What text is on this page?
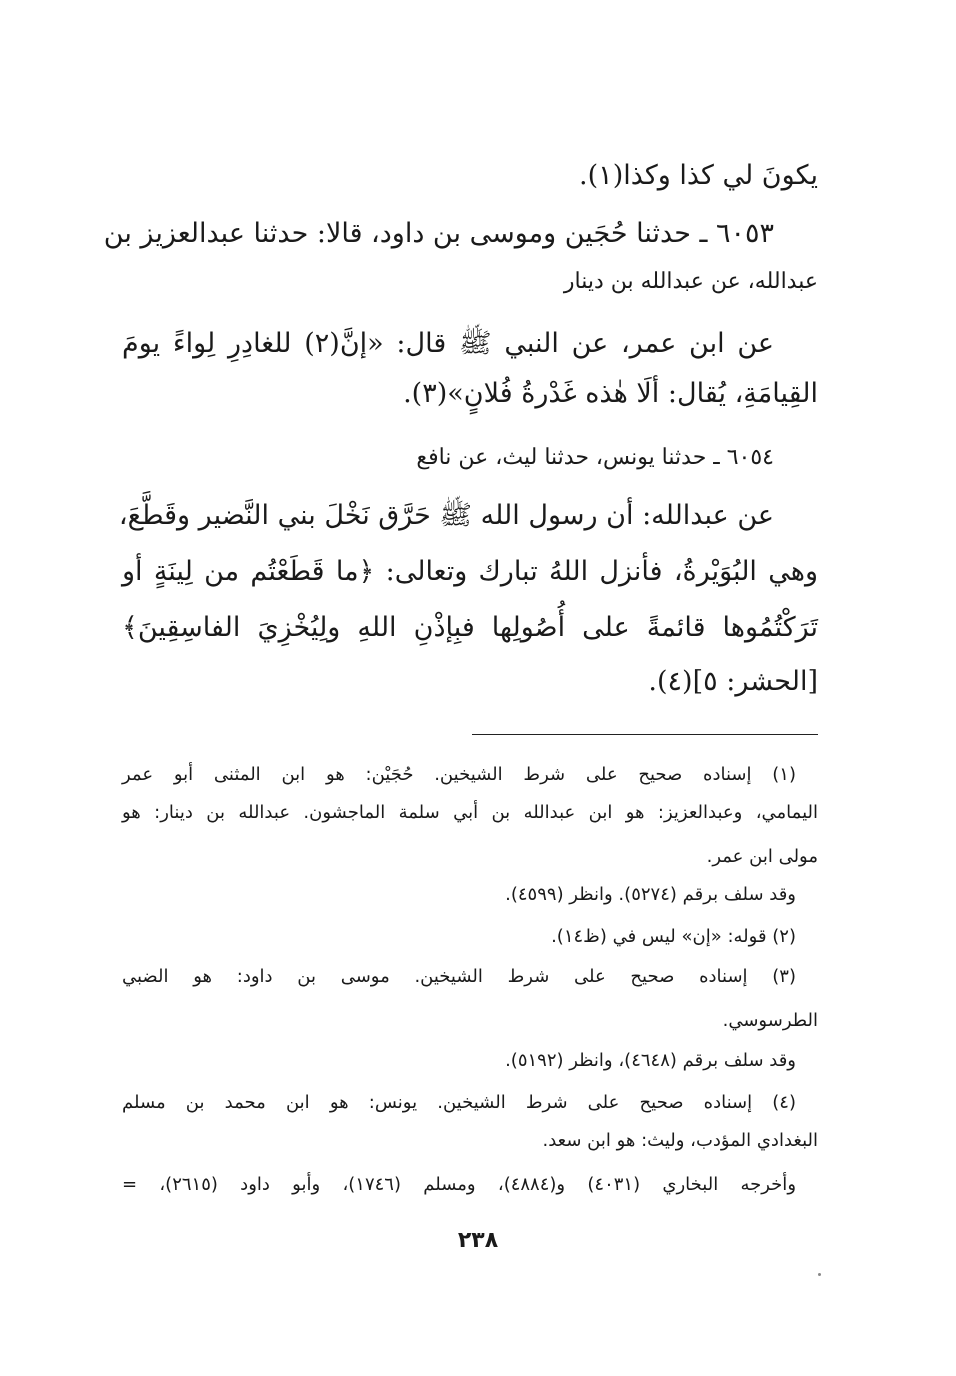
يكونَ لي كذا وكذا(١).
٦٠٥٣ ـ حدثنا حُجَين وموسى بن داود، قالا: حدثنا عبدالعزيز بن
عبدالله، عن عبدالله بن دينار
عن ابن عمر، عن النبي ﷺ قال: «إنَّ(٢) للغادِرِ لِواءً يومَ
القِيامَةِ، يُقال: ألَا هٰذه غَدْرةُ فُلانٍ»(٣).
٦٠٥٤ ـ حدثنا يونس، حدثنا ليث، عن نافع
عن عبدالله: أن رسول الله ﷺ حَرَّق نَخْلَ بني النَّضير وقَطَّعَ،
وهي البُوَيْرةُ، فأنزل اللهُ تبارك وتعالى: ﴿ما قَطَعْتُم من لِينَةٍ أو
تَرَكْتُمُوها قائمةً على أُصُولِها فبِإذْنِ اللهِ ولِيُخْزِيَ الفاسِقِينَ﴾
[الحشر: ٥](٤).
(١) إسناده صحيح على شرط الشيخين. حُجَيْن: هو ابن المثنى أبو عمر
اليمامي، وعبدالعزيز: هو ابن عبدالله بن أبي سلمة الماجشون. عبدالله بن دينار: هو
مولى ابن عمر.
وقد سلف برقم (٥٢٧٤). وانظر (٤٥٩٩).
(٢) قوله: «إن» ليس في (ظ١٤).
(٣) إسناده صحيح على شرط الشيخين. موسى بن داود: هو الضبي
الطرسوسي.
وقد سلف برقم (٤٦٤٨)، وانظر (٥١٩٢).
(٤) إسناده صحيح على شرط الشيخين. يونس: هو ابن محمد بن مسلم
البغدادي المؤدب، وليث: هو ابن سعد.
وأخرجه البخاري (٤٠٣١) و(٤٨٨٤)، ومسلم (١٧٤٦)، وأبو داود (٢٦١٥)، =
٢٣٨
